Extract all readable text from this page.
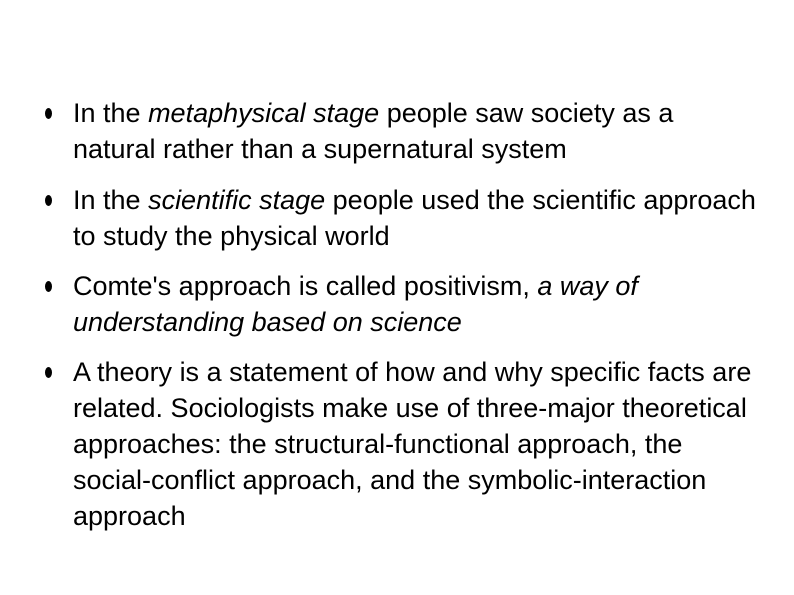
In the metaphysical stage people saw society as a natural rather than a supernatural system
In the scientific stage people used the scientific approach to study the physical world
Comte's approach is called positivism, a way of understanding based on science
A theory is a statement of how and why specific facts are related. Sociologists make use of three-major theoretical approaches: the structural-functional approach, the social-conflict approach, and the symbolic-interaction approach
